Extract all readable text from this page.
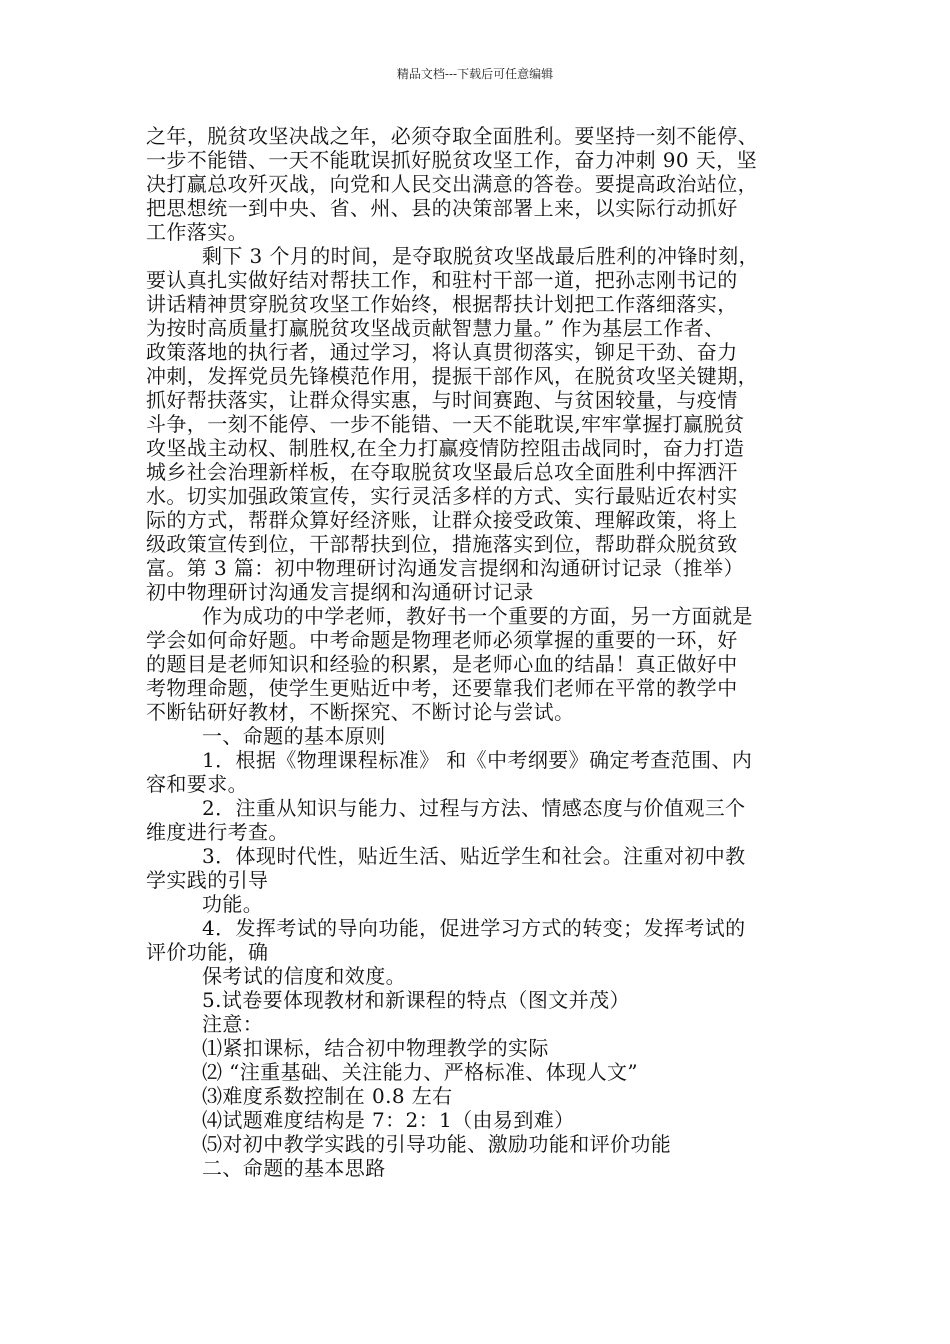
精品文档---下载后可任意编辑
之年，脱贫攻坚决战之年，必须夺取全面胜利。要坚持一刻不能停、
一步不能错、一天不能耽误抓好脱贫攻坚工作，奋力冲刺 90 天，坚
决打赢总攻歼灭战，向党和人民交出满意的答卷。要提高政治站位，
把思想统一到中央、省、州、县的决策部署上来，以实际行动抓好
工作落实。
剩下 3 个月的时间，是夺取脱贫攻坚战最后胜利的冲锋时刻，
要认真扎实做好结对帮扶工作，和驻村干部一道，把孙志刚书记的
讲话精神贯穿脱贫攻坚工作始终，根据帮扶计划把工作落细落实，
为按时高质量打赢脱贫攻坚战贡献智慧力量。” 作为基层工作者、
政策落地的执行者，通过学习，将认真贯彻落实，铆足干劲、奋力
冲刺，发挥党员先锋模范作用，提振干部作风，在脱贫攻坚关键期，
抓好帮扶落实，让群众得实惠，与时间赛跑、与贫困较量，与疫情
斗争，一刻不能停、一步不能错、一天不能耽误,牢牢掌握打赢脱贫
攻坚战主动权、制胜权,在全力打赢疫情防控阻击战同时，奋力打造
城乡社会治理新样板，在夺取脱贫攻坚最后总攻全面胜利中挥洒汗
水。切实加强政策宣传，实行灵活多样的方式、实行最贴近农村实
际的方式，帮群众算好经济账，让群众接受政策、理解政策，将上
级政策宣传到位，干部帮扶到位，措施落实到位，帮助群众脱贫致
富。第 3 篇：初中物理研讨沟通发言提纲和沟通研讨记录（推举）
初中物理研讨沟通发言提纲和沟通研讨记录
作为成功的中学老师，教好书一个重要的方面，另一方面就是
学会如何命好题。中考命题是物理老师必须掌握的重要的一环，好
的题目是老师知识和经验的积累，是老师心血的结晶！真正做好中
考物理命题，使学生更贴近中考，还要靠我们老师在平常的教学中
不断钻研好教材，不断探究、不断讨论与尝试。
一、命题的基本原则
1．根据《物理课程标准》 和《中考纲要》确定考查范围、内
容和要求。
2．注重从知识与能力、过程与方法、情感态度与价值观三个
维度进行考查。
3．体现时代性，贴近生活、贴近学生和社会。注重对初中教
学实践的引导
功能。
4．发挥考试的导向功能，促进学习方式的转变；发挥考试的
评价功能，确
保考试的信度和效度。
5.试卷要体现教材和新课程的特点（图文并茂）
注意：
⑴紧扣课标，结合初中物理教学的实际
⑵ “注重基础、关注能力、严格标准、体现人文”
⑶难度系数控制在 0.8 左右
⑷试题难度结构是 7：2：1（由易到难）
⑸对初中教学实践的引导功能、激励功能和评价功能
二、命题的基本思路
